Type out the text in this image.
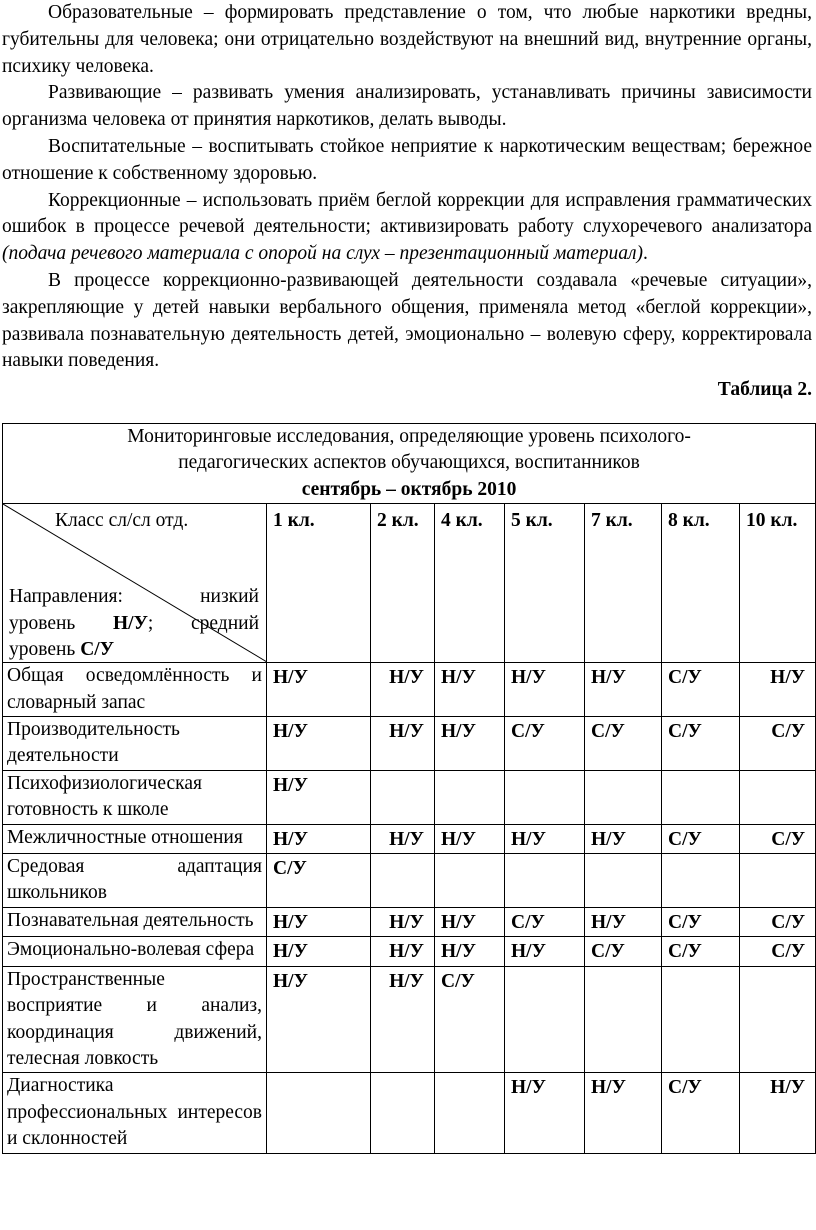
Образовательные – формировать представление о том, что любые наркотики вредны, губительны для человека; они отрицательно воздействуют на внешний вид, внутренние органы, психику человека.

Развивающие – развивать умения анализировать, устанавливать причины зависимости организма человека от принятия наркотиков, делать выводы.

Воспитательные – воспитывать стойкое неприятие к наркотическим веществам; бережное отношение к собственному здоровью.

Коррекционные – использовать приём беглой коррекции для исправления грамматических ошибок в процессе речевой деятельности; активизировать работу слухоречевого анализатора (подача речевого материала с опорой на слух – презентационный материал).

В процессе коррекционно-развивающей деятельности создавала «речевые ситуации», закрепляющие у детей навыки вербального общения, применяла метод «беглой коррекции», развивала познавательную деятельность детей, эмоционально – волевую сферу, корректировала навыки поведения.

Таблица 2.
Мониторинговые исследования, определяющие уровень психолого-
педагогических аспектов обучающихся, воспитанников
сентябрь – октябрь 2010							

Класс сл/сл отд.
Направления: низкий
уровень Н/У; средний
уровень С/У	1 кл.	2 кл.	4 кл.	5 кл.	7 кл.	8 кл.	10 кл.
Общая осведомлённость и словарный запас	Н/У	Н/У	Н/У	Н/У	Н/У	С/У	Н/У
Производительность деятельности	Н/У	Н/У	Н/У	С/У	С/У	С/У	С/У
Психофизиологическая готовность к школе	Н/У						
Межличностные отношения	Н/У	Н/У	Н/У	Н/У	Н/У	С/У	С/У
Средовая адаптация школьников	С/У						
Познавательная деятельность	Н/У	Н/У	Н/У	С/У	Н/У	С/У	С/У
Эмоционально-волевая сфера	Н/У	Н/У	Н/У	Н/У	С/У	С/У	С/У
Пространственные восприятие и анализ, координация движений, телесная ловкость	Н/У	Н/У	С/У				
Диагностика профессиональных интересов и склонностей				Н/У	Н/У	С/У	Н/У
